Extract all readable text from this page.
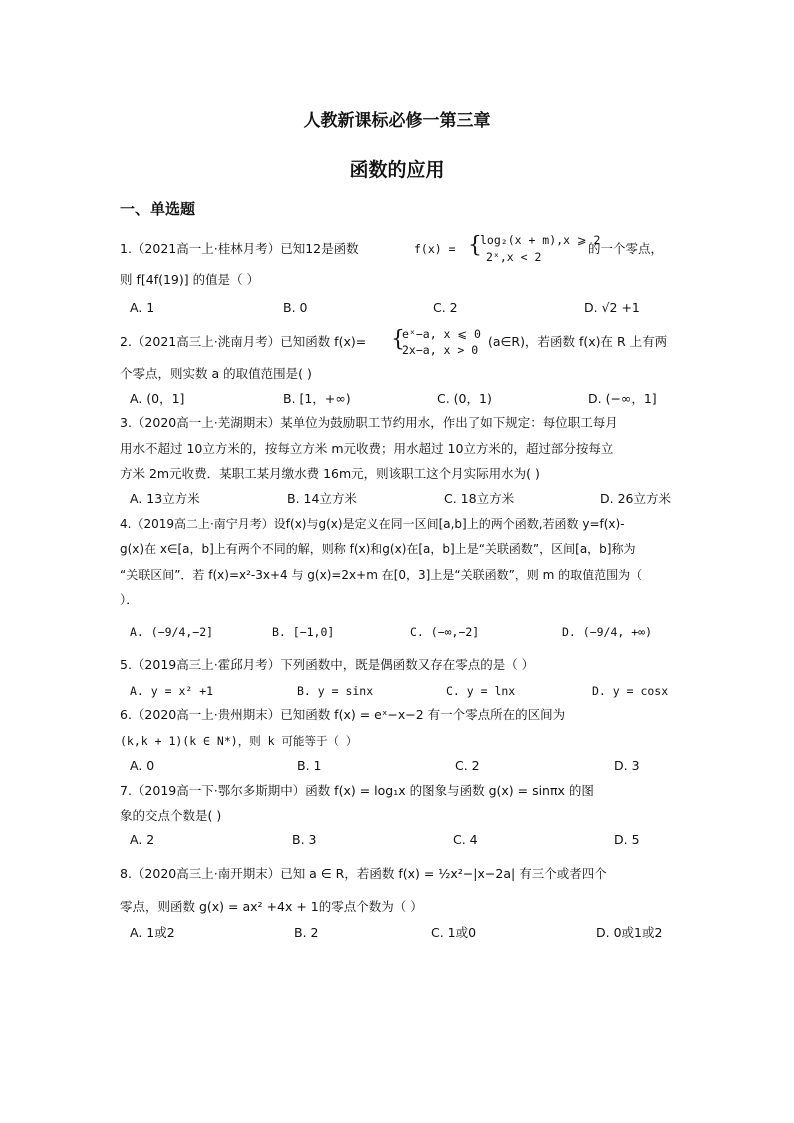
人教新课标必修一第三章
函数的应用
一、单选题
1.（2021高一上·桂林月考）已知12是函数	f(x) = {
log₂(x + m),x ⩾ 2
2ˣ,x < 2
的一个零点，
则 f[4f(19)] 的值是（ ）
A. 1	B. 0	C. 2	D. √2 +1
2.（2021高三上·洮南月考）已知函数 f(x)= {
eˣ−a, x ⩽ 0
2x−a, x > 0
(a∈R)，若函数 f(x)在 R 上有两
个零点，则实数 a 的取值范围是( )
A. (0，1]	B. [1，+∞)	C. (0，1)	D. (−∞，1]
3.（2020高一上·芜湖期末）某单位为鼓励职工节约用水，作出了如下规定：每位职工每月
用水不超过 10立方米的，按每立方米 m元收费；用水超过 10立方米的，超过部分按每立
方米 2m元收费．某职工某月缴水费 16m元，则该职工这个月实际用水为( )
A. 13立方米	B. 14立方米	C. 18立方米	D. 26立方米
4.（2019高二上·南宁月考）设f(x)与g(x)是定义在同一区间[a,b]上的两个函数,若函数 y=f(x)-
g(x)在 x∈[a，b]上有两个不同的解，则称 f(x)和g(x)在[a，b]上是“关联函数”，区间[a，b]称为
“关联区间”．若 f(x)=x²-3x+4 与 g(x)=2x+m 在[0，3]上是“关联函数”，则 m 的取值范围为（
）．
A. (−9/4,−2]	B. [−1,0]	C. (−∞,−2]	D. (−9/4, +∞)
5.（2019高三上·霍邱月考）下列函数中，既是偶函数又存在零点的是（ ）
A. y = x² +1	B. y = sinx	C. y = lnx	D. y = cosx
6.（2020高一上·贵州期末）已知函数 f(x) = eˣ−x−2 有一个零点所在的区间为
(k,k + 1)(k ∈ N*)，则 k 可能等于（ ）
A. 0	B. 1	C. 2	D. 3
7.（2019高一下·鄂尔多斯期中）函数 f(x) = log₁x 的图象与函数 g(x) = sinπx 的图
象的交点个数是( )
A. 2	B. 3	C. 4	D. 5
8.（2020高三上·南开期末）已知 a ∈ R，若函数 f(x) = ½x²−|x−2a| 有三个或者四个
零点，则函数 g(x) = ax² +4x + 1的零点个数为（ ）
A. 1或2	B. 2	C. 1或0	D. 0或1或2
